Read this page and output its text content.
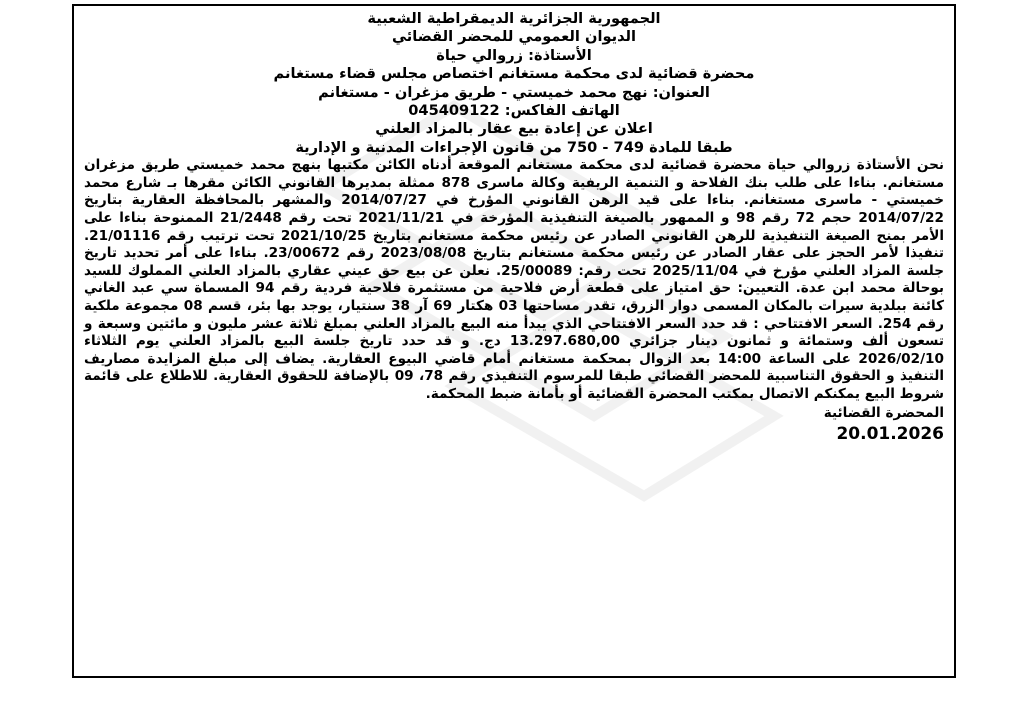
الجمهورية الجزائرية الديمقراطية الشعبية

الديوان العمومي للمحضر القضائي

الأستاذة: زروالي حياة

محضرة قضائية لدى محكمة مستغانم اختصاص مجلس قضاء مستغانم

العنوان: نهج محمد خميستي - طريق مزغران - مستغانم

الهاتف الفاكس: 045409122

اعلان عن إعادة بيع عقار بالمزاد العلني

طبقا للمادة 749 - 750 من قانون الإجراءات المدنية و الإدارية

نحن الأستاذة زروالي حياة محضرة قضائية لدى محكمة مستغانم الموقعة أدناه الكائن مكتبها بنهج محمد خميستي طريق مزغران مستغانم. بناءا على طلب بنك الفلاحة و التنمية الريفية وكالة ماسرى 878 ممثلة بمديرها القانوني الكائن مقرها بـ شارع محمد خميستي - ماسرى مستغانم. بناءا على قيد الرهن القانوني المؤرخ في 2014/07/27 والمشهر بالمحافظة العقارية بتاريخ 2014/07/22 حجم 72 رقم 98 و الممهور بالصيغة التنفيذية المؤرخة في 2021/11/21 تحت رقم 21/2448 الممنوحة بناءا على الأمر بمنح الصيغة التنفيذية للرهن القانوني الصادر عن رئيس محكمة مستغانم بتاريخ 2021/10/25 تحت ترتيب رقم 21/01116. تنفيذا لأمر الحجز على عقار الصادر عن رئيس محكمة مستغانم بتاريخ 2023/08/08 رقم 23/00672. بناءا على أمر تحديد تاريخ جلسة المزاد العلني مؤرخ في 2025/11/04 تحت رقم: 25/00089. نعلن عن بيع حق عيني عقاري بالمزاد العلني المملوك للسيد بوحالة محمد ابن عدة. التعيين: حق امتياز على قطعة أرض فلاحية من مستثمرة فلاحية فردية رقم 94 المسماة سي عبد الغاني كائنة ببلدية سيرات بالمكان المسمى دوار الزرق، تقدر مساحتها 03 هكتار 69 آر 38 سنتيار، يوجد بها بئر، قسم 08 مجموعة ملكية رقم 254. السعر الافتتاحي : قد حدد السعر الافتتاحي الذي يبدأ منه البيع بالمزاد العلني بمبلغ ثلاثة عشر مليون و مائتين وسبعة و تسعون ألف وستمائة و ثمانون دينار جزائري 13.297.680,00 دج. و قد حدد تاريخ جلسة البيع بالمزاد العلني يوم الثلاثاء 2026/02/10 على الساعة 14:00 بعد الزوال بمحكمة مستغانم أمام قاضي البيوع العقارية. يضاف إلى مبلغ المزايدة مصاريف التنفيذ و الحقوق التناسبية للمحضر القضائي طبقا للمرسوم التنفيذي رقم 78، 09 بالإضافة للحقوق العقارية. للاطلاع على قائمة شروط البيع يمكنكم الاتصال بمكتب المحضرة القضائية أو بأمانة ضبط المحكمة.

المحضرة القضائية

20.01.2026
